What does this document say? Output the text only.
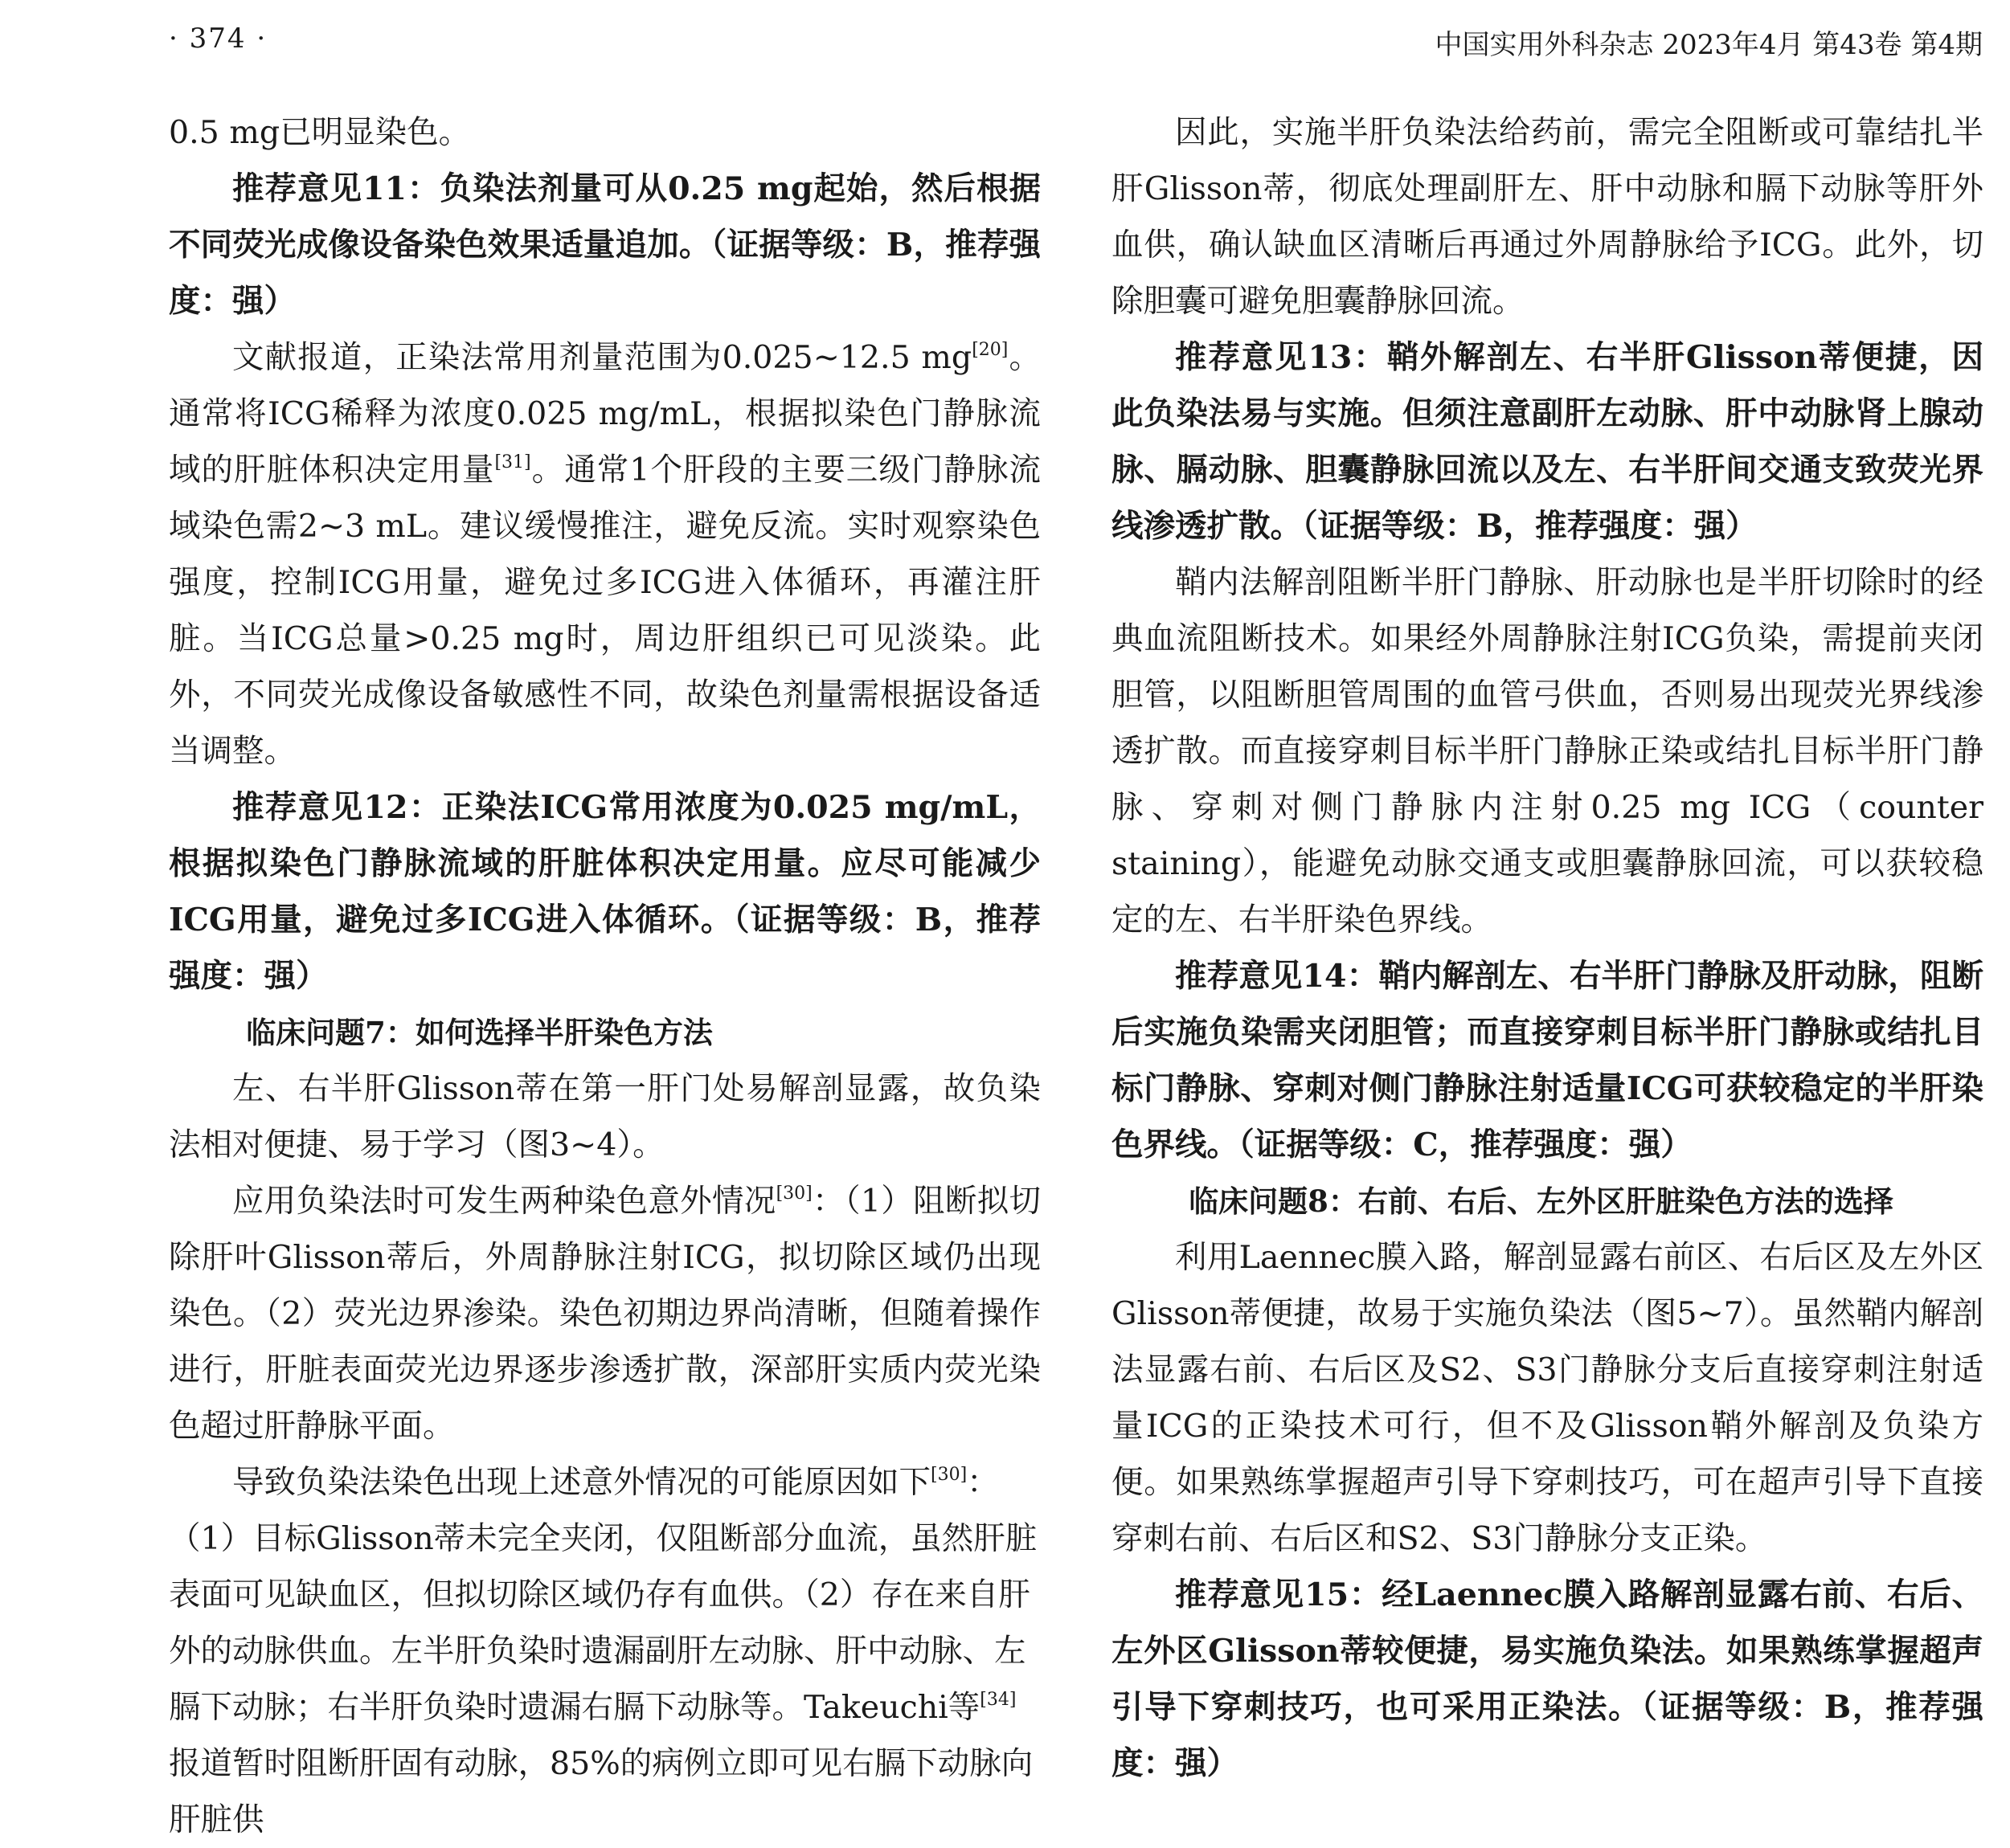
· 374 ·	中国实用外科杂志 2023年4月 第43卷 第4期

0.5 mg已明显染色。

推荐意见11：负染法剂量可从0.25 mg起始，然后根据不同荧光成像设备染色效果适量追加。（证据等级：B，推荐强度：强）

文献报道，正染法常用剂量范围为0.025~12.5 mg[20]。通常将ICG稀释为浓度0.025 mg/mL，根据拟染色门静脉流域的肝脏体积决定用量[31]。通常1个肝段的主要三级门静脉流域染色需2~3 mL。建议缓慢推注，避免反流。实时观察染色强度，控制ICG用量，避免过多ICG进入体循环，再灌注肝脏。当ICG总量>0.25 mg时，周边肝组织已可见淡染。此外，不同荧光成像设备敏感性不同，故染色剂量需根据设备适当调整。

推荐意见12：正染法ICG常用浓度为0.025 mg/mL，根据拟染色门静脉流域的肝脏体积决定用量。应尽可能减少ICG用量，避免过多ICG进入体循环。（证据等级：B，推荐强度：强）

临床问题7：如何选择半肝染色方法

左、右半肝Glisson蒂在第一肝门处易解剖显露，故负染法相对便捷、易于学习（图3~4）。

应用负染法时可发生两种染色意外情况[30]：（1）阻断拟切除肝叶Glisson蒂后，外周静脉注射ICG，拟切除区域仍出现染色。（2）荧光边界渗染。染色初期边界尚清晰，但随着操作进行，肝脏表面荧光边界逐步渗透扩散，深部肝实质内荧光染色超过肝静脉平面。

导致负染法染色出现上述意外情况的可能原因如下[30]：（1）目标Glisson蒂未完全夹闭，仅阻断部分血流，虽然肝脏表面可见缺血区，但拟切除区域仍存有血供。（2）存在来自肝外的动脉供血。左半肝负染时遗漏副肝左动脉、肝中动脉、左膈下动脉；右半肝负染时遗漏右膈下动脉等。Takeuchi等[34]报道暂时阻断肝固有动脉，85%的病例立即可见右膈下动脉向肝脏供

因此，实施半肝负染法给药前，需完全阻断或可靠结扎半肝Glisson蒂，彻底处理副肝左、肝中动脉和膈下动脉等肝外血供，确认缺血区清晰后再通过外周静脉给予ICG。此外，切除胆囊可避免胆囊静脉回流。

推荐意见13：鞘外解剖左、右半肝Glisson蒂便捷，因此负染法易与实施。但须注意副肝左动脉、肝中动脉肾上腺动脉、膈动脉、胆囊静脉回流以及左、右半肝间交通支致荧光界线渗透扩散。（证据等级：B，推荐强度：强）

鞘内法解剖阻断半肝门静脉、肝动脉也是半肝切除时的经典血流阻断技术。如果经外周静脉注射ICG负染，需提前夹闭胆管，以阻断胆管周围的血管弓供血，否则易出现荧光界线渗透扩散。而直接穿刺目标半肝门静脉正染或结扎目标半肝门静脉、穿刺对侧门静脉内注射0.25 mg ICG（counter staining），能避免动脉交通支或胆囊静脉回流，可以获较稳定的左、右半肝染色界线。

推荐意见14：鞘内解剖左、右半肝门静脉及肝动脉，阻断后实施负染需夹闭胆管；而直接穿刺目标半肝门静脉或结扎目标门静脉、穿刺对侧门静脉注射适量ICG可获较稳定的半肝染色界线。（证据等级：C，推荐强度：强）

临床问题8：右前、右后、左外区肝脏染色方法的选择

利用Laennec膜入路，解剖显露右前区、右后区及左外区Glisson蒂便捷，故易于实施负染法（图5~7）。虽然鞘内解剖法显露右前、右后区及S2、S3门静脉分支后直接穿刺注射适量ICG的正染技术可行，但不及Glisson鞘外解剖及负染方便。如果熟练掌握超声引导下穿刺技巧，可在超声引导下直接穿刺右前、右后区和S2、S3门静脉分支正染。

推荐意见15：经Laennec膜入路解剖显露右前、右后、左外区Glisson蒂较便捷，易实施负染法。如果熟练掌握超声引导下穿刺技巧，也可采用正染法。（证据等级：B，推荐强度：强）
